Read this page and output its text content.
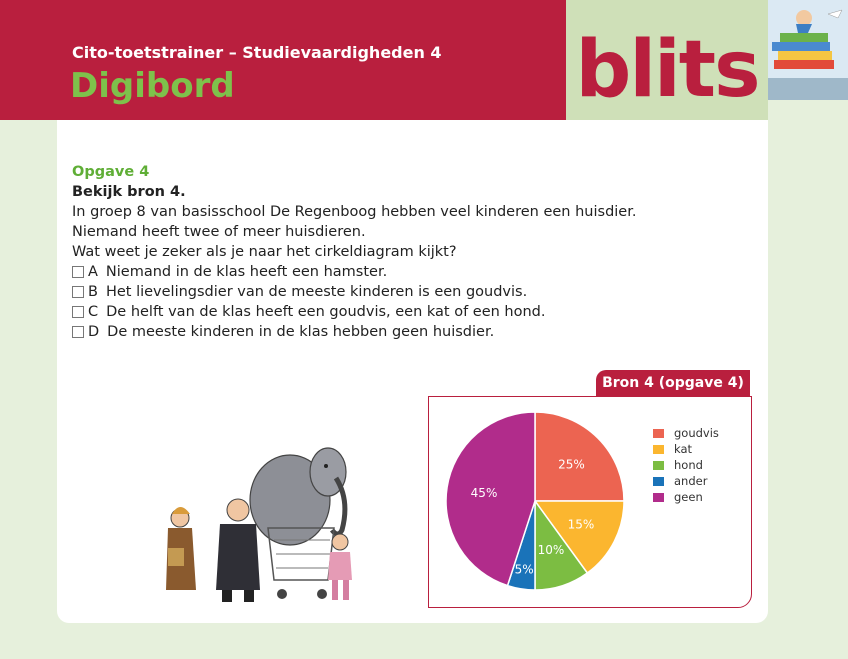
Cito-toetstrainer – Studievaardigheden 4
Digibord	blits
Opgave 4
Bekijk bron 4.
In groep 8 van basisschool De Regenboog hebben veel kinderen een huisdier.
Niemand heeft twee of meer huisdieren.
Wat weet je zeker als je naar het cirkeldiagram kijkt?
A Niemand in de klas heeft een hamster.
B Het lievelingsdier van de meeste kinderen is een goudvis.
C De helft van de klas heeft een goudvis, een kat of een hond.
D De meeste kinderen in de klas hebben geen huisdier.
Bron 4 (opgave 4)
25%
15%
10%
5%
45%
goudvis
kat
hond
ander
geen
